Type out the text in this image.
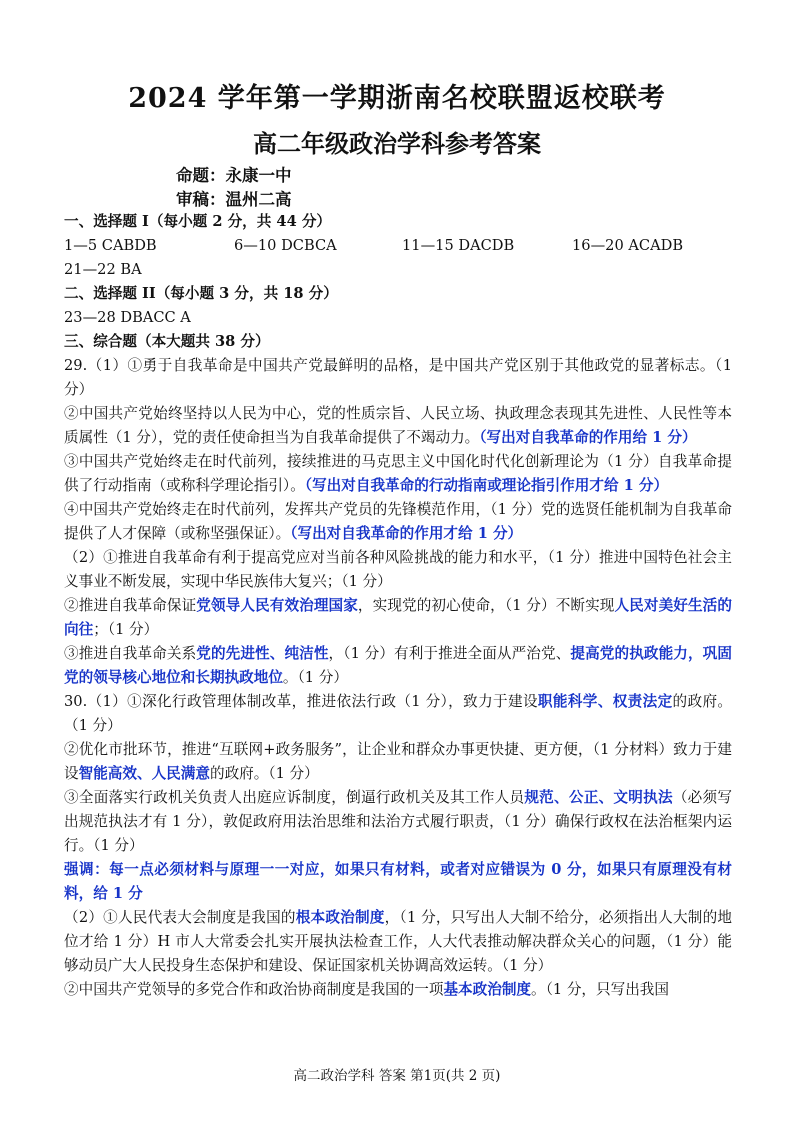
2024 学年第一学期浙南名校联盟返校联考
高二年级政治学科参考答案
命题：永康一中
审稿：温州二高

一、选择题 I（每小题 2 分，共 44 分）

1—5 CABDB	6—10 DCBCA	11—15 DACDB	16—20 ACADB

21—22 BA

二、选择题 II（每小题 3 分，共 18 分）

23—28 DBACC A

三、综合题（本大题共 38 分）

29.（1）①勇于自我革命是中国共产党最鲜明的品格，是中国共产党区别于其他政党的显著标志。（1 分）

②中国共产党始终坚持以人民为中心，党的性质宗旨、人民立场、执政理念表现其先进性、人民性等本质属性（1 分），党的责任使命担当为自我革命提供了不竭动力。（写出对自我革命的作用给 1 分）

③中国共产党始终走在时代前列，接续推进的马克思主义中国化时代化创新理论为（1 分）自我革命提供了行动指南（或称科学理论指引）。（写出对自我革命的行动指南或理论指引作用才给 1 分）

④中国共产党始终走在时代前列，发挥共产党员的先锋模范作用，（1 分）党的选贤任能机制为自我革命提供了人才保障（或称坚强保证）。（写出对自我革命的作用才给 1 分）

（2）①推进自我革命有利于提高党应对当前各种风险挑战的能力和水平，（1 分）推进中国特色社会主义事业不断发展，实现中华民族伟大复兴；（1 分）

②推进自我革命保证党领导人民有效治理国家，实现党的初心使命，（1 分）不断实现人民对美好生活的向往；（1 分）

③推进自我革命关系党的先进性、纯洁性，（1 分）有利于推进全面从严治党、提高党的执政能力，巩固党的领导核心地位和长期执政地位。（1 分）

30.（1）①深化行政管理体制改革，推进依法行政（1 分），致力于建设职能科学、权责法定的政府。（1 分）

②优化市批环节，推进“互联网+政务服务”，让企业和群众办事更快捷、更方便，（1 分材料）致力于建设智能高效、人民满意的政府。（1 分）

③全面落实行政机关负责人出庭应诉制度，倒逼行政机关及其工作人员规范、公正、文明执法（必须写出规范执法才有 1 分），敦促政府用法治思维和法治方式履行职责，（1 分）确保行政权在法治框架内运行。（1 分）

强调：每一点必须材料与原理一一对应，如果只有材料，或者对应错误为 0 分，如果只有原理没有材料，给 1 分

（2）①人民代表大会制度是我国的根本政治制度，（1 分，只写出人大制不给分，必须指出人大制的地位才给 1 分）H 市人大常委会扎实开展执法检查工作，人大代表推动解决群众关心的问题，（1 分）能够动员广大人民投身生态保护和建设、保证国家机关协调高效运转。（1 分）

②中国共产党领导的多党合作和政治协商制度是我国的一项基本政治制度。（1 分，只写出我国

高二政治学科 答案 第1页(共 2 页)
